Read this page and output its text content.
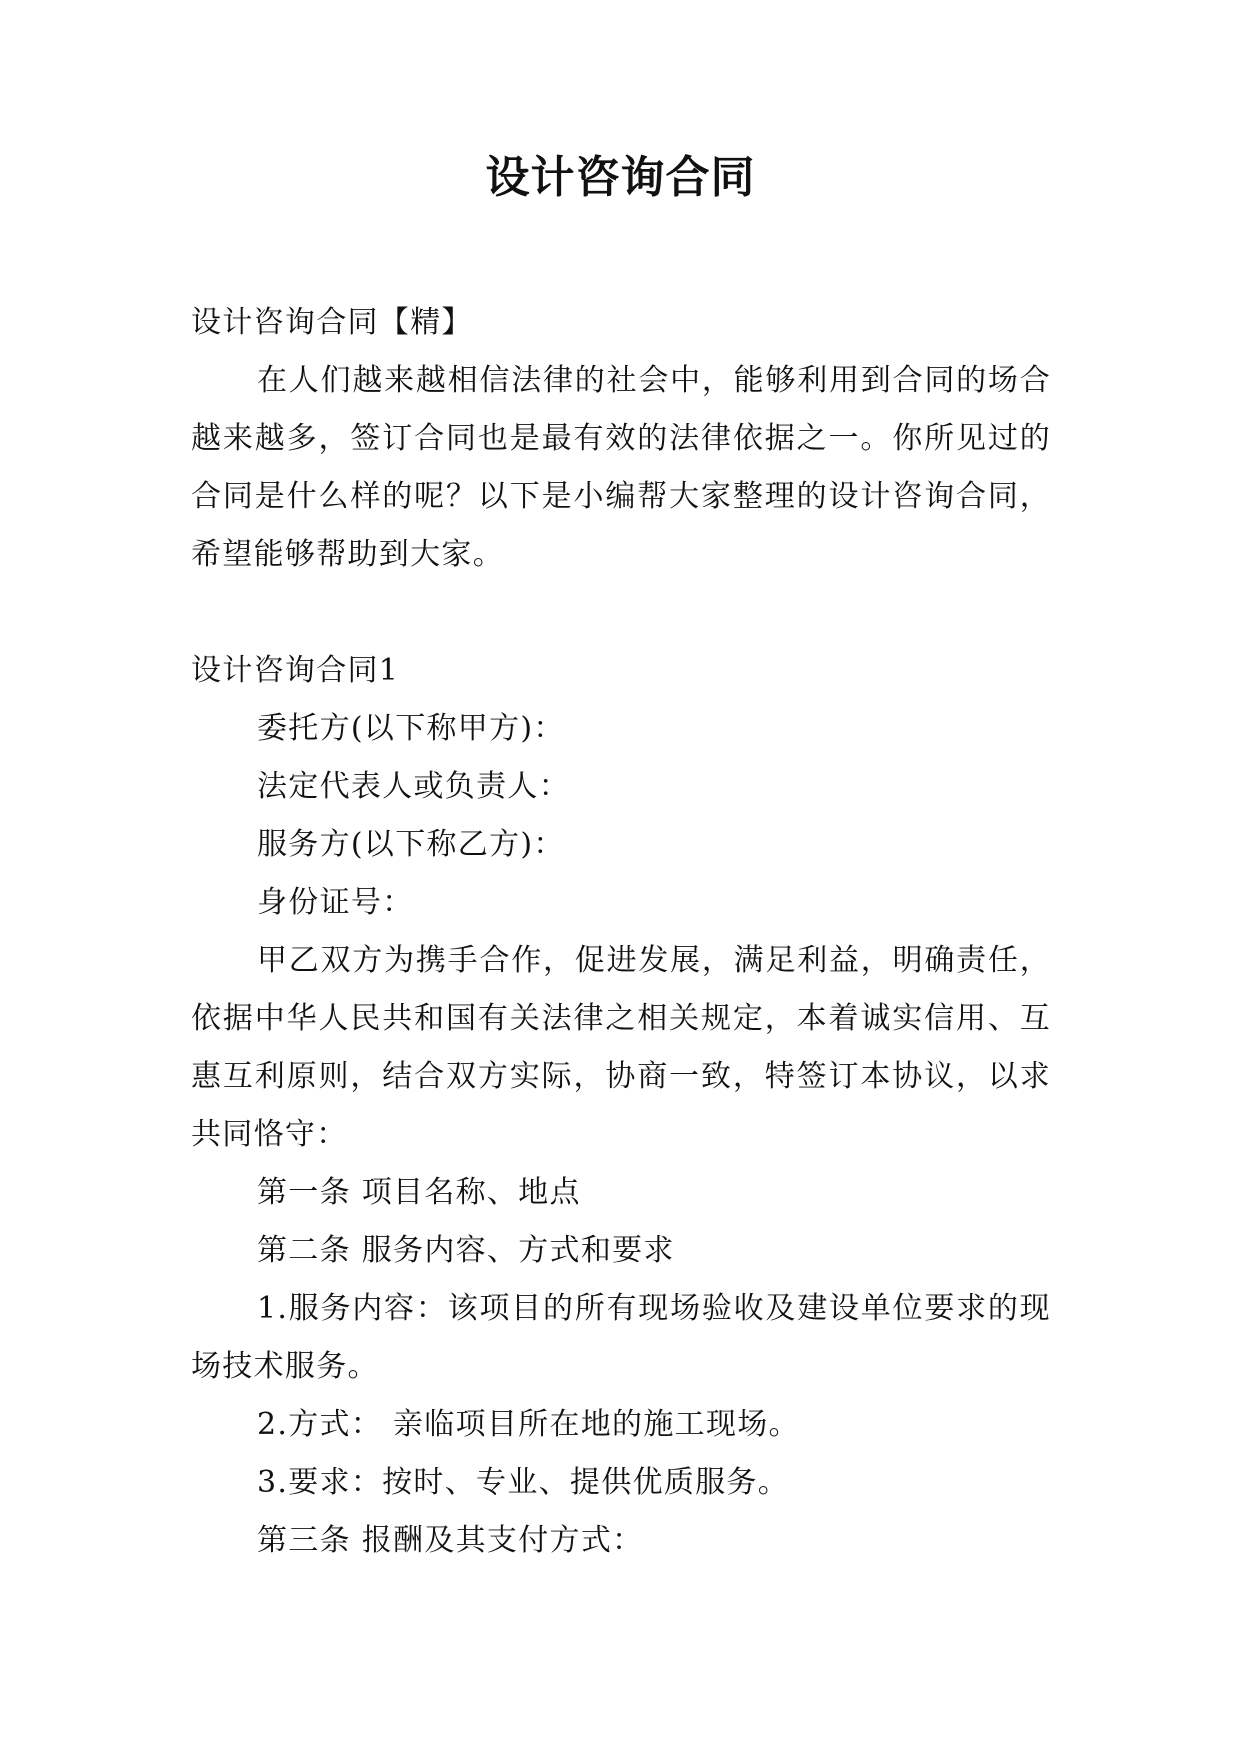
设计咨询合同

设计咨询合同【精】

在人们越来越相信法律的社会中，能够利用到合同的场合越来越多，签订合同也是最有效的法律依据之一。你所见过的合同是什么样的呢？以下是小编帮大家整理的设计咨询合同，希望能够帮助到大家。

设计咨询合同1

委托方(以下称甲方)：

法定代表人或负责人：

服务方(以下称乙方)：

身份证号：

甲乙双方为携手合作，促进发展，满足利益，明确责任，依据中华人民共和国有关法律之相关规定，本着诚实信用、互惠互利原则，结合双方实际，协商一致，特签订本协议，以求共同恪守：

第一条 项目名称、地点

第二条 服务内容、方式和要求

1.服务内容：该项目的所有现场验收及建设单位要求的现场技术服务。

2.方式： 亲临项目所在地的施工现场。

3.要求：按时、专业、提供优质服务。

第三条 报酬及其支付方式：
